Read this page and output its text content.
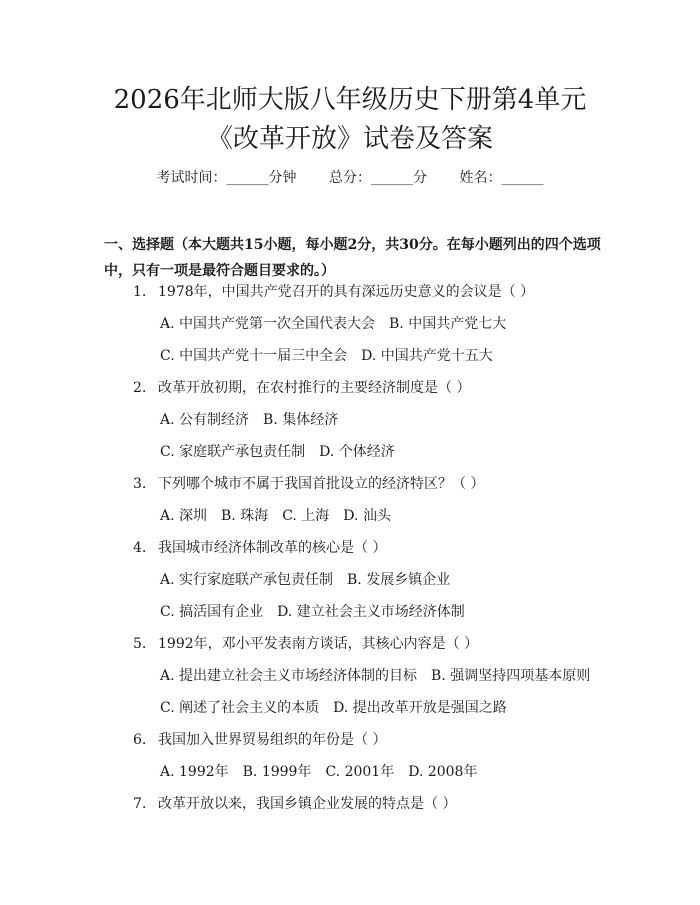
2026年北师大版八年级历史下册第4单元
《改革开放》试卷及答案
考试时间：______分钟 总分：______分 姓名：______
一、选择题（本大题共15小题，每小题2分，共30分。在每小题列出的四个选项中，只有一项是最符合题目要求的。）
1. 1978年，中国共产党召开的具有深远历史意义的会议是（ ）
A. 中国共产党第一次全国代表大会　B. 中国共产党七大
C. 中国共产党十一届三中全会　D. 中国共产党十五大
2. 改革开放初期，在农村推行的主要经济制度是（ ）
A. 公有制经济　B. 集体经济
C. 家庭联产承包责任制　D. 个体经济
3. 下列哪个城市不属于我国首批设立的经济特区？（ ）
A. 深圳　B. 珠海　C. 上海　D. 汕头
4. 我国城市经济体制改革的核心是（ ）
A. 实行家庭联产承包责任制　B. 发展乡镇企业
C. 搞活国有企业　D. 建立社会主义市场经济体制
5. 1992年，邓小平发表南方谈话，其核心内容是（ ）
A. 提出建立社会主义市场经济体制的目标　B. 强调坚持四项基本原则
C. 阐述了社会主义的本质　D. 提出改革开放是强国之路
6. 我国加入世界贸易组织的年份是（ ）
A. 1992年　B. 1999年　C. 2001年　D. 2008年
7. 改革开放以来，我国乡镇企业发展的特点是（ ）
